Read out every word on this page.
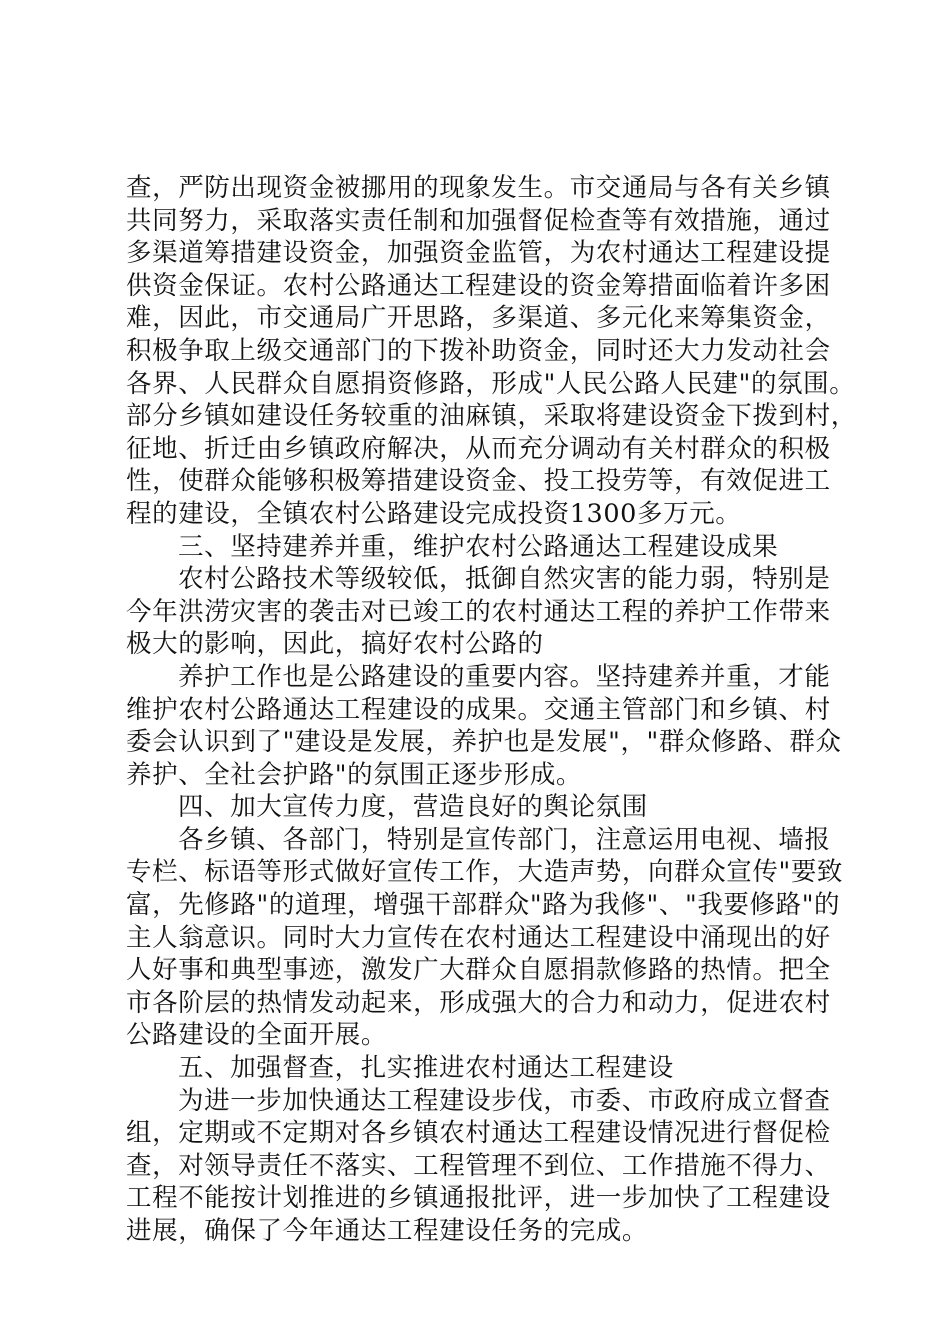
查，严防出现资金被挪用的现象发生。市交通局与各有关乡镇
共同努力，采取落实责任制和加强督促检查等有效措施，通过
多渠道筹措建设资金，加强资金监管，为农村通达工程建设提
供资金保证。农村公路通达工程建设的资金筹措面临着许多困
难，因此，市交通局广开思路，多渠道、多元化来筹集资金，
积极争取上级交通部门的下拨补助资金，同时还大力发动社会
各界、人民群众自愿捐资修路，形成"人民公路人民建"的氛围。
部分乡镇如建设任务较重的油麻镇，采取将建设资金下拨到村，
征地、折迁由乡镇政府解决，从而充分调动有关村群众的积极
性，使群众能够积极筹措建设资金、投工投劳等，有效促进工
程的建设，全镇农村公路建设完成投资1300多万元。
三、坚持建养并重，维护农村公路通达工程建设成果
农村公路技术等级较低，抵御自然灾害的能力弱，特别是
今年洪涝灾害的袭击对已竣工的农村通达工程的养护工作带来
极大的影响，因此，搞好农村公路的
养护工作也是公路建设的重要内容。坚持建养并重，才能
维护农村公路通达工程建设的成果。交通主管部门和乡镇、村
委会认识到了"建设是发展，养护也是发展"，"群众修路、群众
养护、全社会护路"的氛围正逐步形成。
四、加大宣传力度，营造良好的舆论氛围
各乡镇、各部门，特别是宣传部门，注意运用电视、墙报
专栏、标语等形式做好宣传工作，大造声势，向群众宣传"要致
富，先修路"的道理，增强干部群众"路为我修"、"我要修路"的
主人翁意识。同时大力宣传在农村通达工程建设中涌现出的好
人好事和典型事迹，激发广大群众自愿捐款修路的热情。把全
市各阶层的热情发动起来，形成强大的合力和动力，促进农村
公路建设的全面开展。
五、加强督查，扎实推进农村通达工程建设
为进一步加快通达工程建设步伐，市委、市政府成立督查
组，定期或不定期对各乡镇农村通达工程建设情况进行督促检
查，对领导责任不落实、工程管理不到位、工作措施不得力、
工程不能按计划推进的乡镇通报批评，进一步加快了工程建设
进展，确保了今年通达工程建设任务的完成。
